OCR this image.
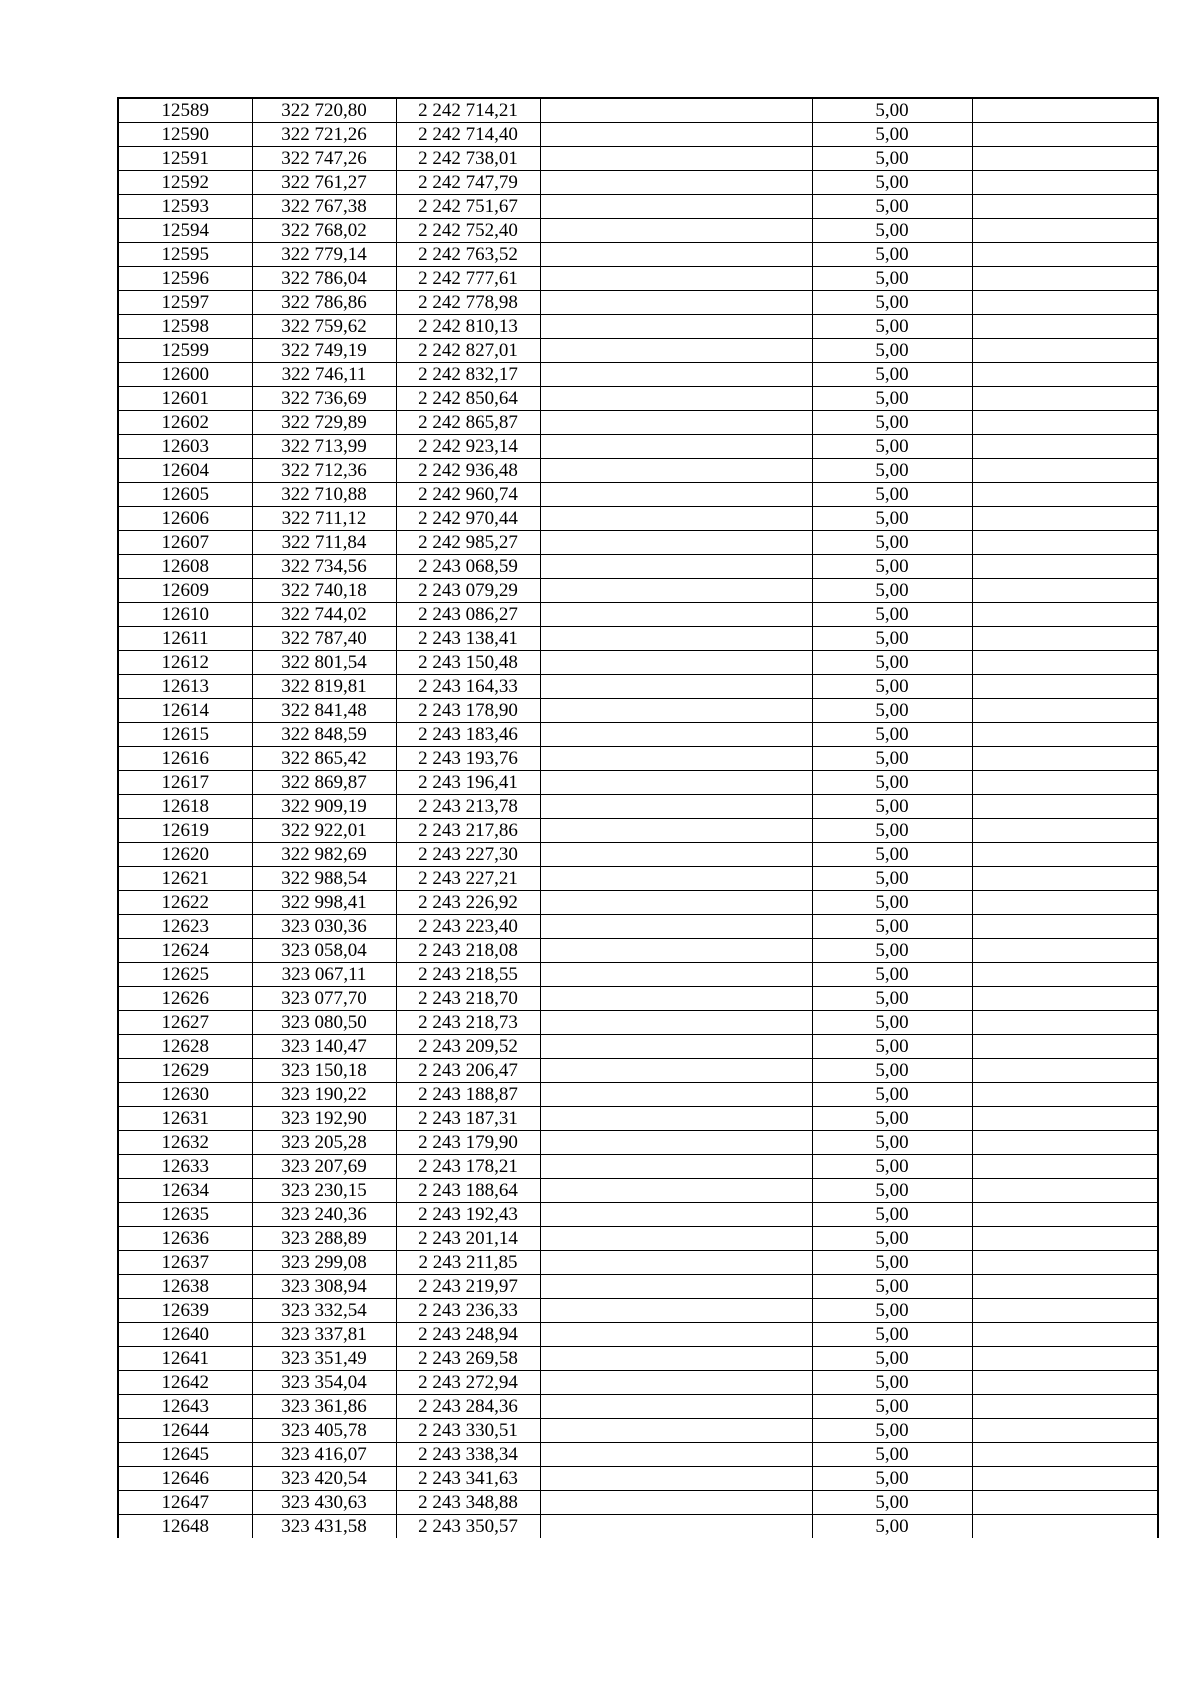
12589	322 720,80	2 242 714,21		5,00	
12590	322 721,26	2 242 714,40		5,00	
12591	322 747,26	2 242 738,01		5,00	
12592	322 761,27	2 242 747,79		5,00	
12593	322 767,38	2 242 751,67		5,00	
12594	322 768,02	2 242 752,40		5,00	
12595	322 779,14	2 242 763,52		5,00	
12596	322 786,04	2 242 777,61		5,00	
12597	322 786,86	2 242 778,98		5,00	
12598	322 759,62	2 242 810,13		5,00	
12599	322 749,19	2 242 827,01		5,00	
12600	322 746,11	2 242 832,17		5,00	
12601	322 736,69	2 242 850,64		5,00	
12602	322 729,89	2 242 865,87		5,00	
12603	322 713,99	2 242 923,14		5,00	
12604	322 712,36	2 242 936,48		5,00	
12605	322 710,88	2 242 960,74		5,00	
12606	322 711,12	2 242 970,44		5,00	
12607	322 711,84	2 242 985,27		5,00	
12608	322 734,56	2 243 068,59		5,00	
12609	322 740,18	2 243 079,29		5,00	
12610	322 744,02	2 243 086,27		5,00	
12611	322 787,40	2 243 138,41		5,00	
12612	322 801,54	2 243 150,48		5,00	
12613	322 819,81	2 243 164,33		5,00	
12614	322 841,48	2 243 178,90		5,00	
12615	322 848,59	2 243 183,46		5,00	
12616	322 865,42	2 243 193,76		5,00	
12617	322 869,87	2 243 196,41		5,00	
12618	322 909,19	2 243 213,78		5,00	
12619	322 922,01	2 243 217,86		5,00	
12620	322 982,69	2 243 227,30		5,00	
12621	322 988,54	2 243 227,21		5,00	
12622	322 998,41	2 243 226,92		5,00	
12623	323 030,36	2 243 223,40		5,00	
12624	323 058,04	2 243 218,08		5,00	
12625	323 067,11	2 243 218,55		5,00	
12626	323 077,70	2 243 218,70		5,00	
12627	323 080,50	2 243 218,73		5,00	
12628	323 140,47	2 243 209,52		5,00	
12629	323 150,18	2 243 206,47		5,00	
12630	323 190,22	2 243 188,87		5,00	
12631	323 192,90	2 243 187,31		5,00	
12632	323 205,28	2 243 179,90		5,00	
12633	323 207,69	2 243 178,21		5,00	
12634	323 230,15	2 243 188,64		5,00	
12635	323 240,36	2 243 192,43		5,00	
12636	323 288,89	2 243 201,14		5,00	
12637	323 299,08	2 243 211,85		5,00	
12638	323 308,94	2 243 219,97		5,00	
12639	323 332,54	2 243 236,33		5,00	
12640	323 337,81	2 243 248,94		5,00	
12641	323 351,49	2 243 269,58		5,00	
12642	323 354,04	2 243 272,94		5,00	
12643	323 361,86	2 243 284,36		5,00	
12644	323 405,78	2 243 330,51		5,00	
12645	323 416,07	2 243 338,34		5,00	
12646	323 420,54	2 243 341,63		5,00	
12647	323 430,63	2 243 348,88		5,00	
12648	323 431,58	2 243 350,57		5,00	
